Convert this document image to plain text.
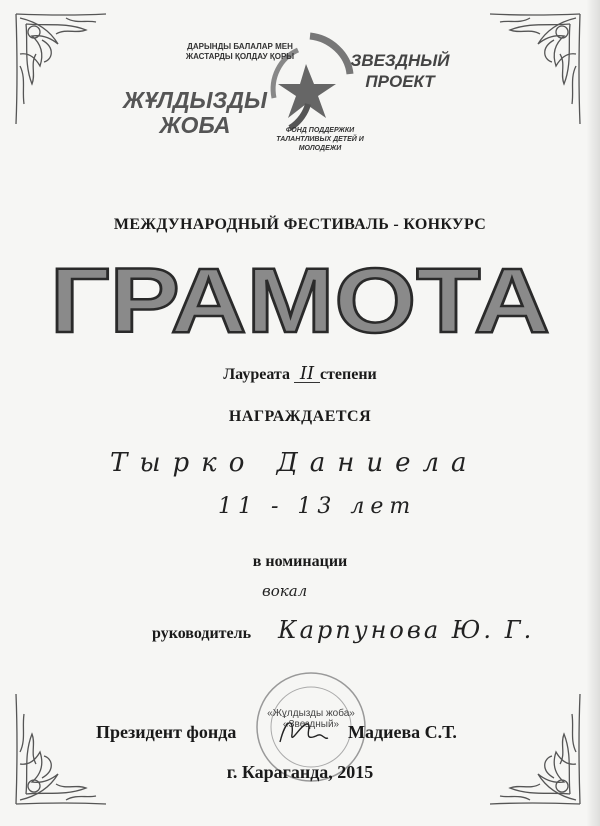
ДАРЫНДЫ БАЛАЛАР МЕН ЖАСТАРДЫ ҚОЛДАУ ҚОРЫ
ЖҰЛДЫЗДЫ
ЖОБА
ЗВЕЗДНЫЙ
ПРОЕКТ
ФОНД ПОДДЕРЖКИ ТАЛАНТЛИВЫХ ДЕТЕЙ И МОЛОДЕЖИ
МЕЖДУНАРОДНЫЙ ФЕСТИВАЛЬ - КОНКУРС
ГРАМОТА
Лауреата II степени
НАГРАЖДАЕТСЯ
Тырко Даниела
11 - 13 лет
в номинации
вокал
руководитель Карпунова Ю. Г.
«Жұлдызды жоба» «Звездный»
Президент фонда	Мадиева С.Т.
г. Караганда, 2015
